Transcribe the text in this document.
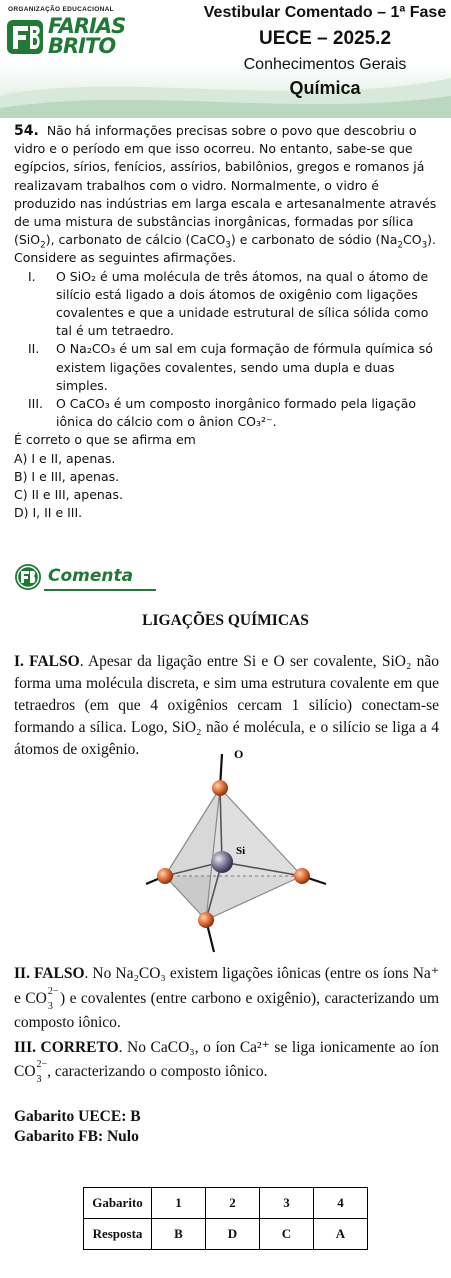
ORGANIZAÇÃO EDUCACIONAL
FARIAS
BRITO
Vestibular Comentado – 1ª Fase
UECE – 2025.2
Conhecimentos Gerais
Química
54. Não há informações precisas sobre o povo que descobriu o vidro e o período em que isso ocorreu. No entanto, sabe-se que egípcios, sírios, fenícios, assírios, babilônios, gregos e romanos já realizavam trabalhos com o vidro. Normalmente, o vidro é produzido nas indústrias em larga escala e artesanalmente através de uma mistura de substâncias inorgânicas, formadas por sílica (SiO$_2$), carbonato de cálcio (CaCO$_3$) e carbonato de sódio $(Na_2CO_3)$.
Considere as seguintes afirmações.
I. O SiO₂ é uma molécula de três átomos, na qual o átomo de silício está ligado a dois átomos de oxigênio com ligações covalentes e que a unidade estrutural de sílica sólida como tal é um tetraedro.
II. O Na₂CO₃ é um sal em cuja formação de fórmula química só existem ligações covalentes, sendo uma dupla e duas simples.
III. O CaCO₃ é um composto inorgânico formado pela ligação iônica do cálcio com o ânion CO₃²⁻.
É correto o que se afirma em
A) I e II, apenas.
B) I e III, apenas.
C) II e III, apenas.
D) I, II e III.
Comenta
LIGAÇÕES QUÍMICAS
I. FALSO. Apesar da ligação entre Si e O ser covalente, SiO₂ não forma uma molécula discreta, e sim uma estrutura covalente em que tetraedros (em que 4 oxigênios cercam 1 silício) conectam-se formando a sílica. Logo, SiO₂ não é molécula, e o silício se liga a 4 átomos de oxigênio.	O
Si
II. FALSO. No Na₂CO₃ existem ligações iônicas (entre os íons Na⁺ e CO 2−
3 ) e covalentes (entre carbono e oxigênio), caracterizando um composto iônico.
III. CORRETO. No CaCO₃, o íon Ca²⁺ se liga ionicamente ao íon CO 2−
3 , caracterizando o composto iônico.
Gabarito UECE: B
Gabarito FB: Nulo
Gabarito	1	2	3	4
Resposta	B	D	C	A
